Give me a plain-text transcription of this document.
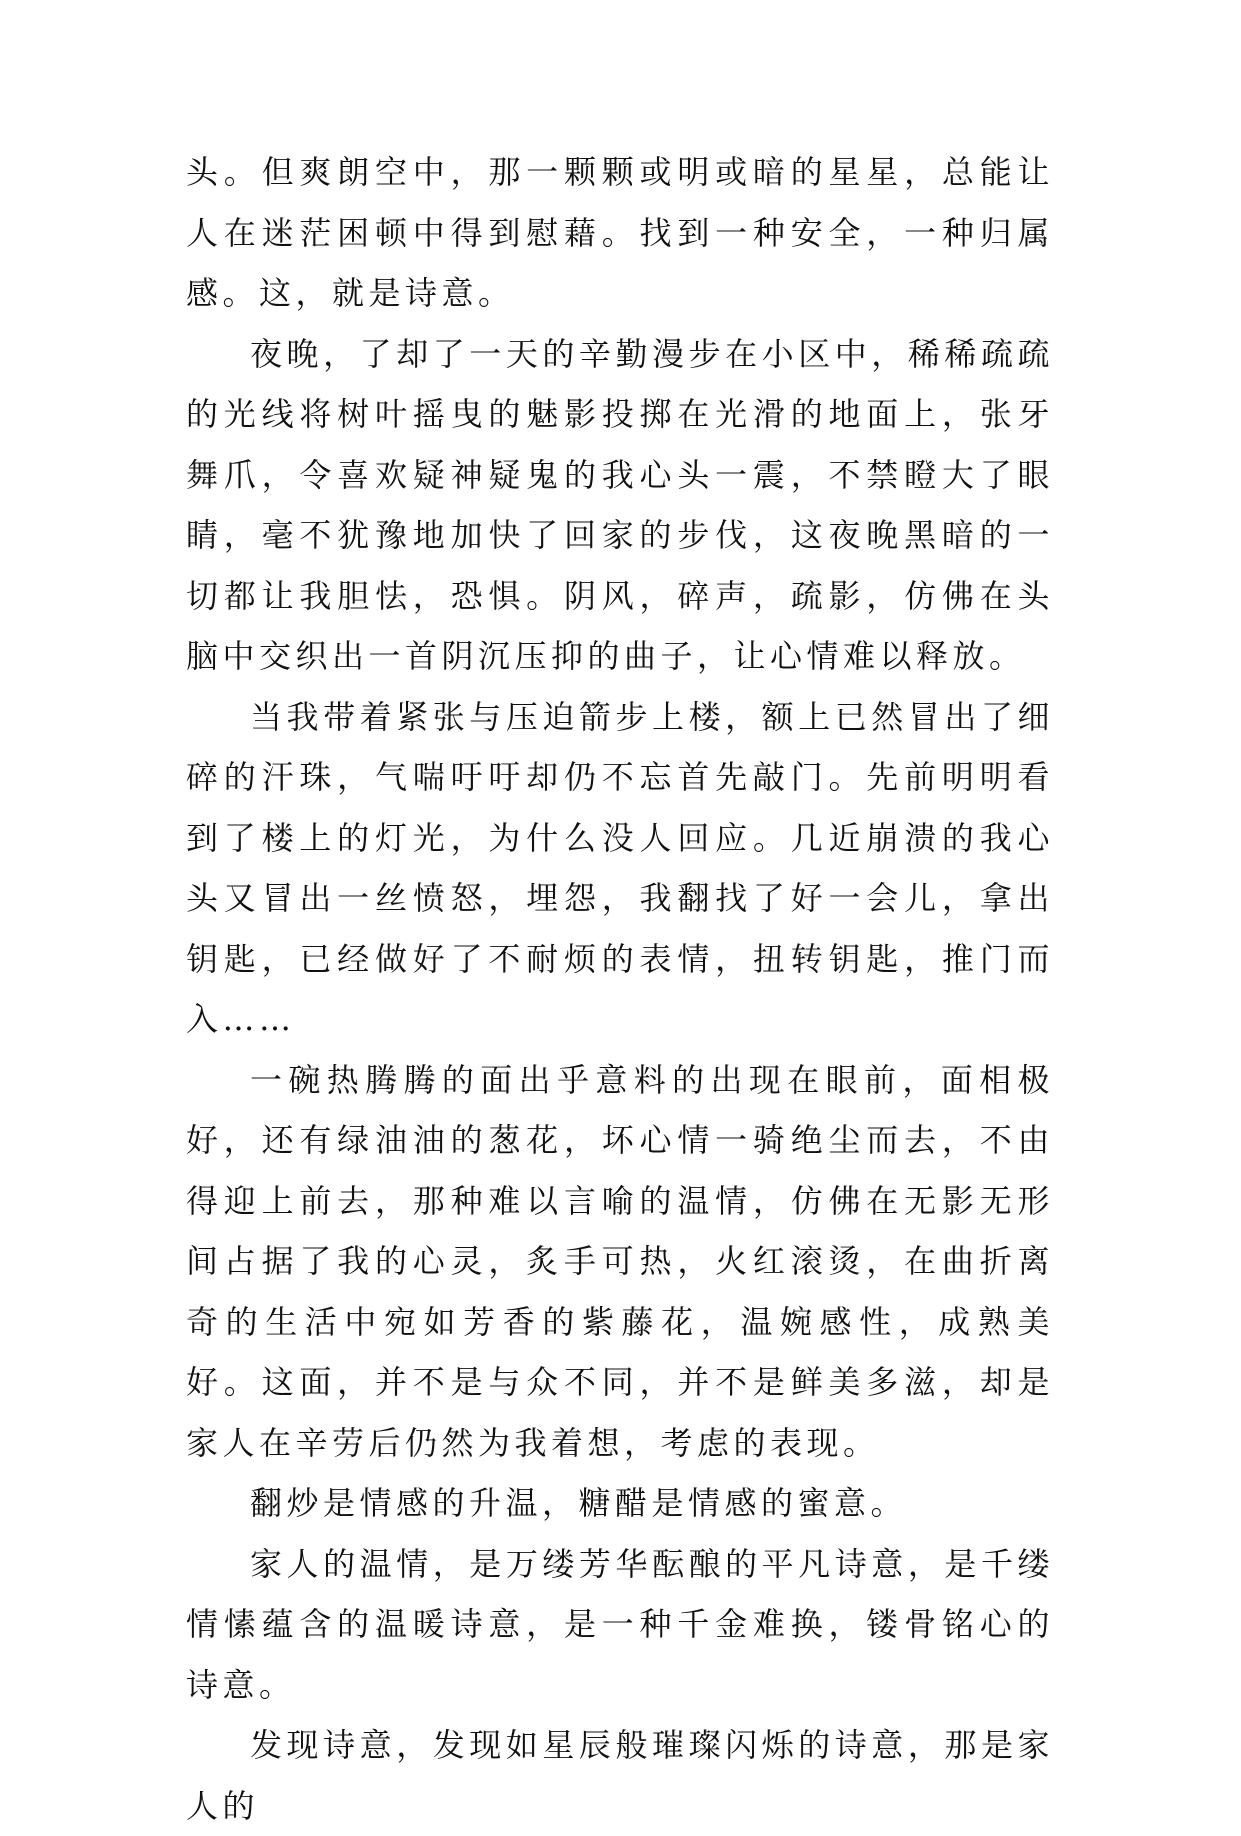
头。但爽朗空中，那一颗颗或明或暗的星星，总能让人在迷茫困顿中得到慰藉。找到一种安全，一种归属感。这，就是诗意。

夜晚，了却了一天的辛勤漫步在小区中，稀稀疏疏的光线将树叶摇曳的魅影投掷在光滑的地面上，张牙舞爪，令喜欢疑神疑鬼的我心头一震，不禁瞪大了眼睛，毫不犹豫地加快了回家的步伐，这夜晚黑暗的一切都让我胆怯，恐惧。阴风，碎声，疏影，仿佛在头脑中交织出一首阴沉压抑的曲子，让心情难以释放。

当我带着紧张与压迫箭步上楼，额上已然冒出了细碎的汗珠，气喘吁吁却仍不忘首先敲门。先前明明看到了楼上的灯光，为什么没人回应。几近崩溃的我心头又冒出一丝愤怒，埋怨，我翻找了好一会儿，拿出钥匙，已经做好了不耐烦的表情，扭转钥匙，推门而入……

一碗热腾腾的面出乎意料的出现在眼前，面相极好，还有绿油油的葱花，坏心情一骑绝尘而去，不由得迎上前去，那种难以言喻的温情，仿佛在无影无形间占据了我的心灵，炙手可热，火红滚烫，在曲折离奇的生活中宛如芳香的紫藤花，温婉感性，成熟美好。这面，并不是与众不同，并不是鲜美多滋，却是家人在辛劳后仍然为我着想，考虑的表现。

翻炒是情感的升温，糖醋是情感的蜜意。

家人的温情，是万缕芳华酝酿的平凡诗意，是千缕情愫蕴含的温暖诗意，是一种千金难换，镂骨铭心的诗意。

发现诗意，发现如星辰般璀璨闪烁的诗意，那是家人的
